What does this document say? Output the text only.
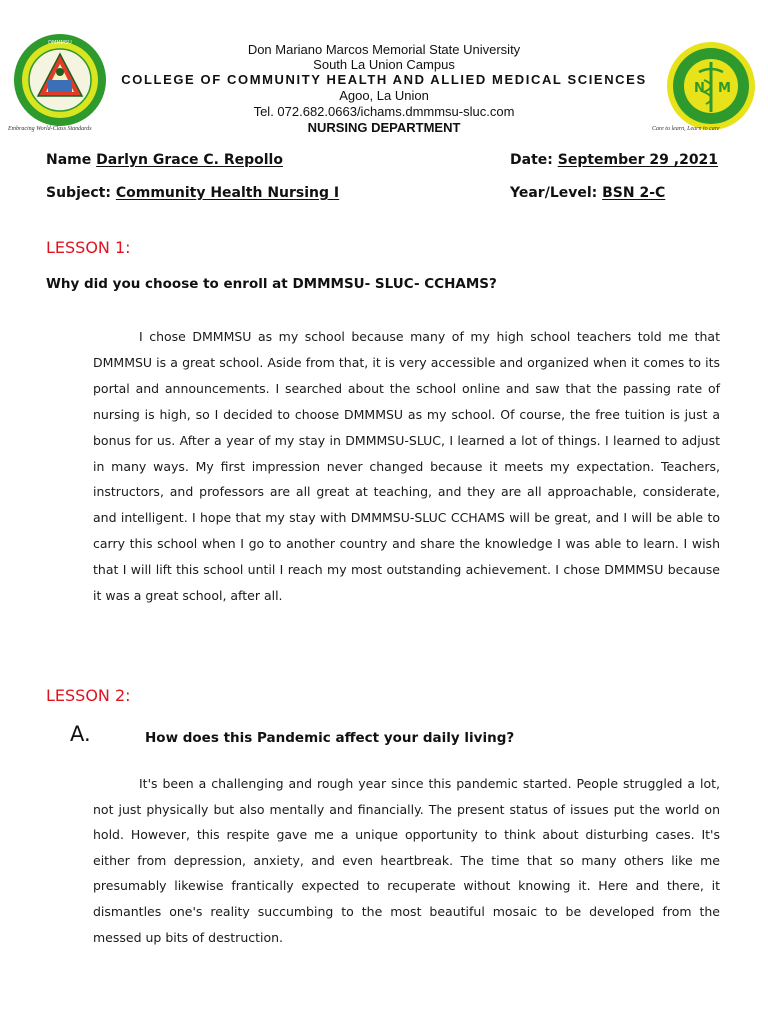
DMMMSU
Embracing World-Class Standards
N M
Care to learn, Learn to care
Don Mariano Marcos Memorial State University
South La Union Campus
COLLEGE OF COMMUNITY HEALTH AND ALLIED MEDICAL SCIENCES
Agoo, La Union
Tel. 072.682.0663/ichams.dmmmsu-sluc.com
NURSING DEPARTMENT
Name Darlyn Grace C. Repollo	Date: September 29 ,2021
Subject: Community Health Nursing I	Year/Level: BSN 2-C
LESSON 1:
Why did you choose to enroll at DMMMSU- SLUC- CCHAMS?
I chose DMMMSU as my school because many of my high school teachers told me that DMMMSU is a great school. Aside from that, it is very accessible and organized when it comes to its portal and announcements. I searched about the school online and saw that the passing rate of nursing is high, so I decided to choose DMMMSU as my school. Of course, the free tuition is just a bonus for us. After a year of my stay in DMMMSU-SLUC, I learned a lot of things. I learned to adjust in many ways. My first impression never changed because it meets my expectation. Teachers, instructors, and professors are all great at teaching, and they are all approachable, considerate, and intelligent. I hope that my stay with DMMMSU-SLUC CCHAMS will be great, and I will be able to carry this school when I go to another country and share the knowledge I was able to learn. I wish that I will lift this school until I reach my most outstanding achievement. I chose DMMMSU because it was a great school, after all.
LESSON 2:
A.	How does this Pandemic affect your daily living?
It's been a challenging and rough year since this pandemic started. People struggled a lot, not just physically but also mentally and financially. The present status of issues put the world on hold. However, this respite gave me a unique opportunity to think about disturbing cases. It's either from depression, anxiety, and even heartbreak. The time that so many others like me presumably likewise frantically expected to recuperate without knowing it. Here and there, it dismantles one's reality succumbing to the most beautiful mosaic to be developed from the messed up bits of destruction.
